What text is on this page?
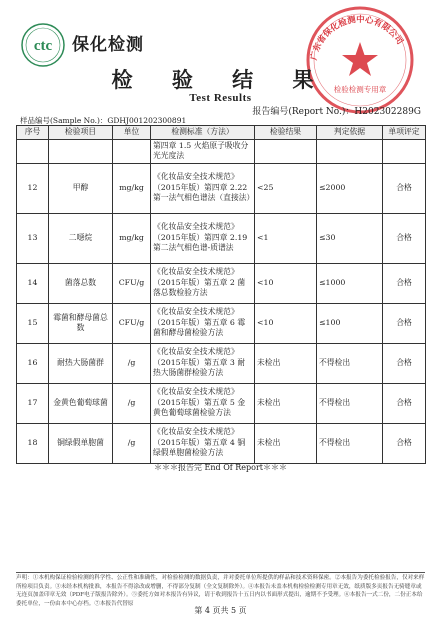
ctc 保化检测
广东省保化检测中心有限公司
检验检测专用章
检 验 结 果
Test Results
报告编号(Report No.)：H202302289G
样品编号(Sample No.)：GDHJ001202300891
序号	检验项目	单位	检测标准（方法）	检验结果	判定依据	单项评定
			第四章 1.5 火焰原子吸收分光光度法			
12	甲醇	mg/kg	《化妆品安全技术规范》（2015年版）第四章 2.22 第一法气相色谱法（直接法）	<25	≤2000	合格
13	二噁烷	mg/kg	《化妆品安全技术规范》（2015年版）第四章 2.19 第二法气相色谱-质谱法	<1	≤30	合格
14	菌落总数	CFU/g	《化妆品安全技术规范》（2015年版）第五章 2 菌落总数检验方法	<10	≤1000	合格
15	霉菌和酵母菌总数	CFU/g	《化妆品安全技术规范》（2015年版）第五章 6 霉菌和酵母菌检验方法	<10	≤100	合格
16	耐热大肠菌群	/g	《化妆品安全技术规范》（2015年版）第五章 3 耐热大肠菌群检验方法	未检出	不得检出	合格
17	金黄色葡萄球菌	/g	《化妆品安全技术规范》（2015年版）第五章 5 金黄色葡萄球菌检验方法	未检出	不得检出	合格
18	铜绿假单胞菌	/g	《化妆品安全技术规范》（2015年版）第五章 4 铜绿假单胞菌检验方法	未检出	不得检出	合格
＊＊＊报告完 End Of Report＊＊＊
声明：①本机构保证检验检测的科学性、公正性和准确性，对检验检测的数据负责，并对委托单位所提供的样品和技术资料保密。②本报告为委托检验报告，仅对来样所检项目负责。③未经本机构批准，本报告不得涂改或增删，不得部分复制（全文复制除外）。④本报告未盖本机构检验检测专用章无效，纸质版多页报告无骑缝章或无连页加盖印章无效（PDF电子版报告除外）。⑤委托方如对本报告有异议，请于收到报告十五日内以书面形式提出，逾期不予受理。⑥本报告一式二份，二份正本给委托单位，一份由本中心存档。⑦本报告代替原
第 4 页共 5 页
